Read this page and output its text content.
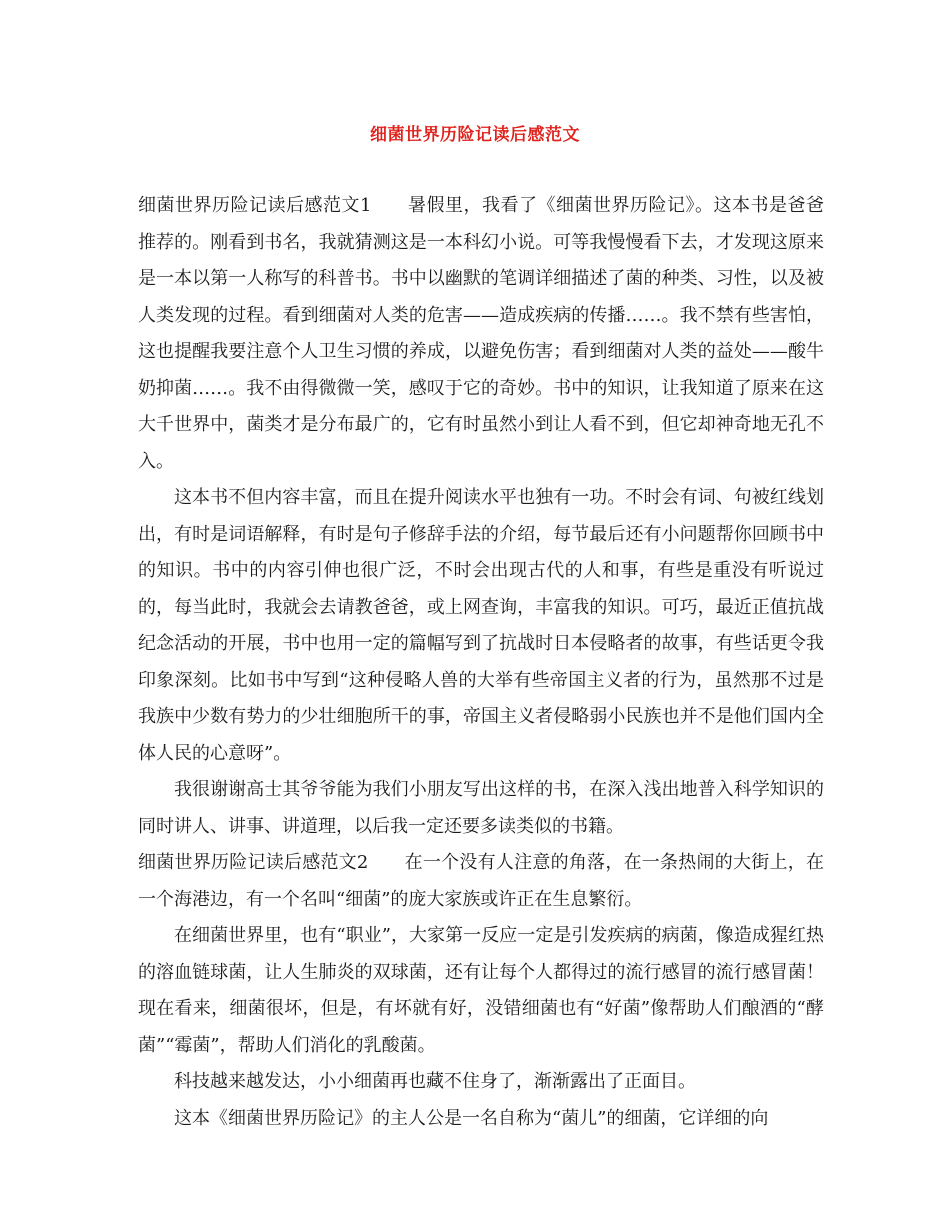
细菌世界历险记读后感范文

细菌世界历险记读后感范文1 暑假里，我看了《细菌世界历险记》。这本书是爸爸推荐的。刚看到书名，我就猜测这是一本科幻小说。可等我慢慢看下去，才发现这原来是一本以第一人称写的科普书。书中以幽默的笔调详细描述了菌的种类、习性，以及被人类发现的过程。看到细菌对人类的危害——造成疾病的传播……。我不禁有些害怕，这也提醒我要注意个人卫生习惯的养成，以避免伤害；看到细菌对人类的益处——酸牛奶抑菌……。我不由得微微一笑，感叹于它的奇妙。书中的知识，让我知道了原来在这大千世界中，菌类才是分布最广的，它有时虽然小到让人看不到，但它却神奇地无孔不入。

这本书不但内容丰富，而且在提升阅读水平也独有一功。不时会有词、句被红线划出，有时是词语解释，有时是句子修辞手法的介绍，每节最后还有小问题帮你回顾书中的知识。书中的内容引伸也很广泛，不时会出现古代的人和事，有些是重没有听说过的，每当此时，我就会去请教爸爸，或上网查询，丰富我的知识。可巧，最近正值抗战纪念活动的开展，书中也用一定的篇幅写到了抗战时日本侵略者的故事，有些话更令我印象深刻。比如书中写到“这种侵略人兽的大举有些帝国主义者的行为，虽然那不过是我族中少数有势力的少壮细胞所干的事，帝国主义者侵略弱小民族也并不是他们国内全体人民的心意呀”。

我很谢谢高士其爷爷能为我们小朋友写出这样的书，在深入浅出地普入科学知识的同时讲人、讲事、讲道理，以后我一定还要多读类似的书籍。

细菌世界历险记读后感范文2 在一个没有人注意的角落，在一条热闹的大街上，在一个海港边，有一个名叫“细菌”的庞大家族或许正在生息繁衍。

在细菌世界里，也有“职业”，大家第一反应一定是引发疾病的病菌，像造成猩红热的溶血链球菌，让人生肺炎的双球菌，还有让每个人都得过的流行感冒的流行感冒菌！现在看来，细菌很坏，但是，有坏就有好，没错细菌也有“好菌”像帮助人们酿酒的“酵菌”“霉菌”，帮助人们消化的乳酸菌。

科技越来越发达，小小细菌再也藏不住身了，渐渐露出了正面目。

这本《细菌世界历险记》的主人公是一名自称为“菌儿”的细菌，它详细的向
